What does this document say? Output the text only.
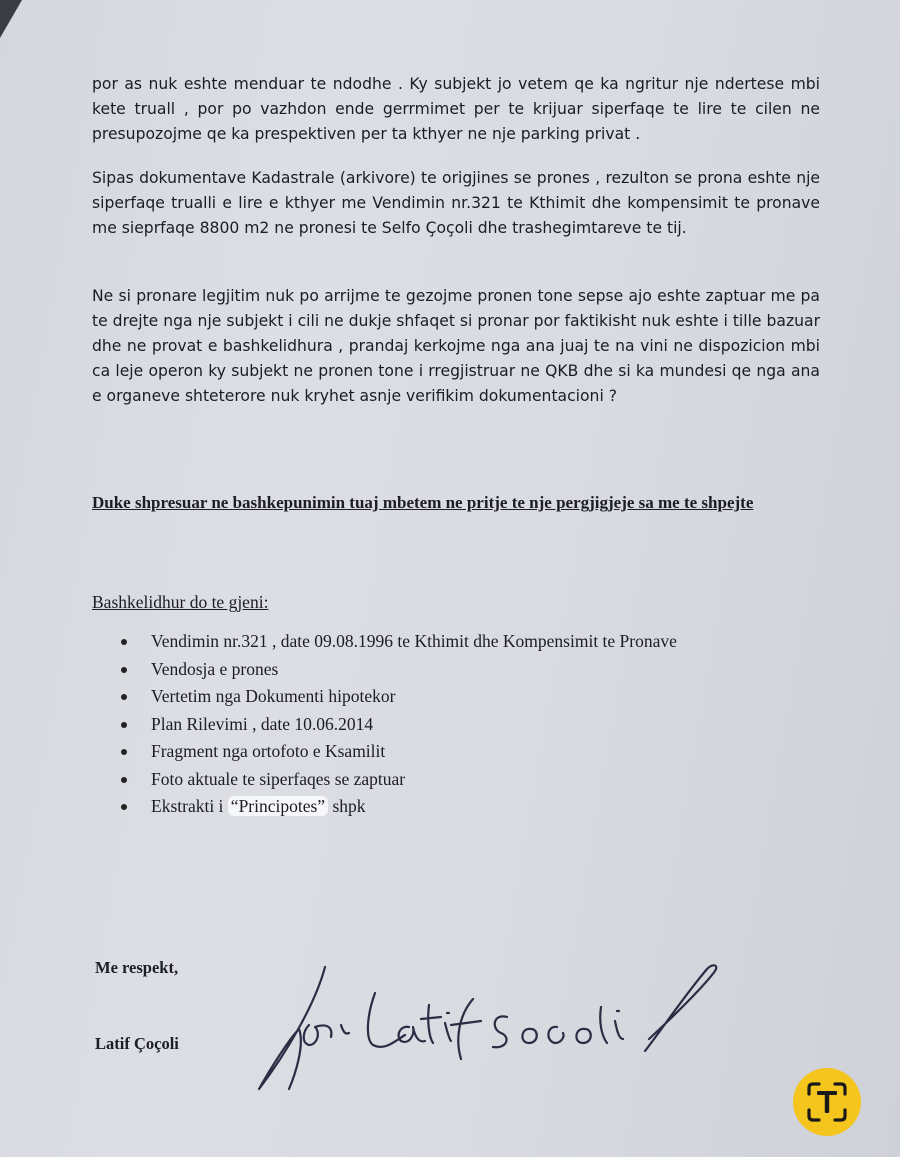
por as nuk eshte menduar te ndodhe . Ky subjekt jo vetem qe ka ngritur nje ndertese mbi kete truall , por po vazhdon ende gerrmimet per te krijuar siperfaqe te lire te cilen ne presupozojme qe ka prespektiven per ta kthyer ne nje parking privat .
Sipas dokumentave Kadastrale (arkivore) te origjines se prones , rezulton se prona eshte nje siperfaqe trualli e lire e kthyer me Vendimin nr.321 te Kthimit dhe kompensimit te pronave me sieprfaqe 8800 m2 ne pronesi te Selfo Çoçoli dhe trashegimtareve te tij.
Ne si pronare legjitim nuk po arrijme te gezojme pronen tone sepse ajo eshte zaptuar me pa te drejte nga nje subjekt i cili ne dukje shfaqet si pronar por faktikisht nuk eshte i tille bazuar dhe ne provat e bashkelidhura , prandaj kerkojme nga ana juaj te na vini ne dispozicion mbi ca leje operon ky subjekt ne pronen tone i rregjistruar ne QKB dhe si ka mundesi qe nga ana e organeve shteterore nuk kryhet asnje verifikim dokumentacioni ?
Duke shpresuar ne bashkepunimin tuaj mbetem ne pritje te nje pergjigjeje sa me te shpejte
Bashkelidhur do te gjeni:
Vendimin nr.321 , date 09.08.1996 te Kthimit dhe Kompensimit te Pronave
Vendosja e prones
Vertetim nga Dokumenti hipotekor
Plan Rilevimi , date 10.06.2014
Fragment nga ortofoto e Ksamilit
Foto aktuale te siperfaqes se zaptuar
Ekstrakti i “Principotes” shpk
Me respekt,
Latif Çoçoli
